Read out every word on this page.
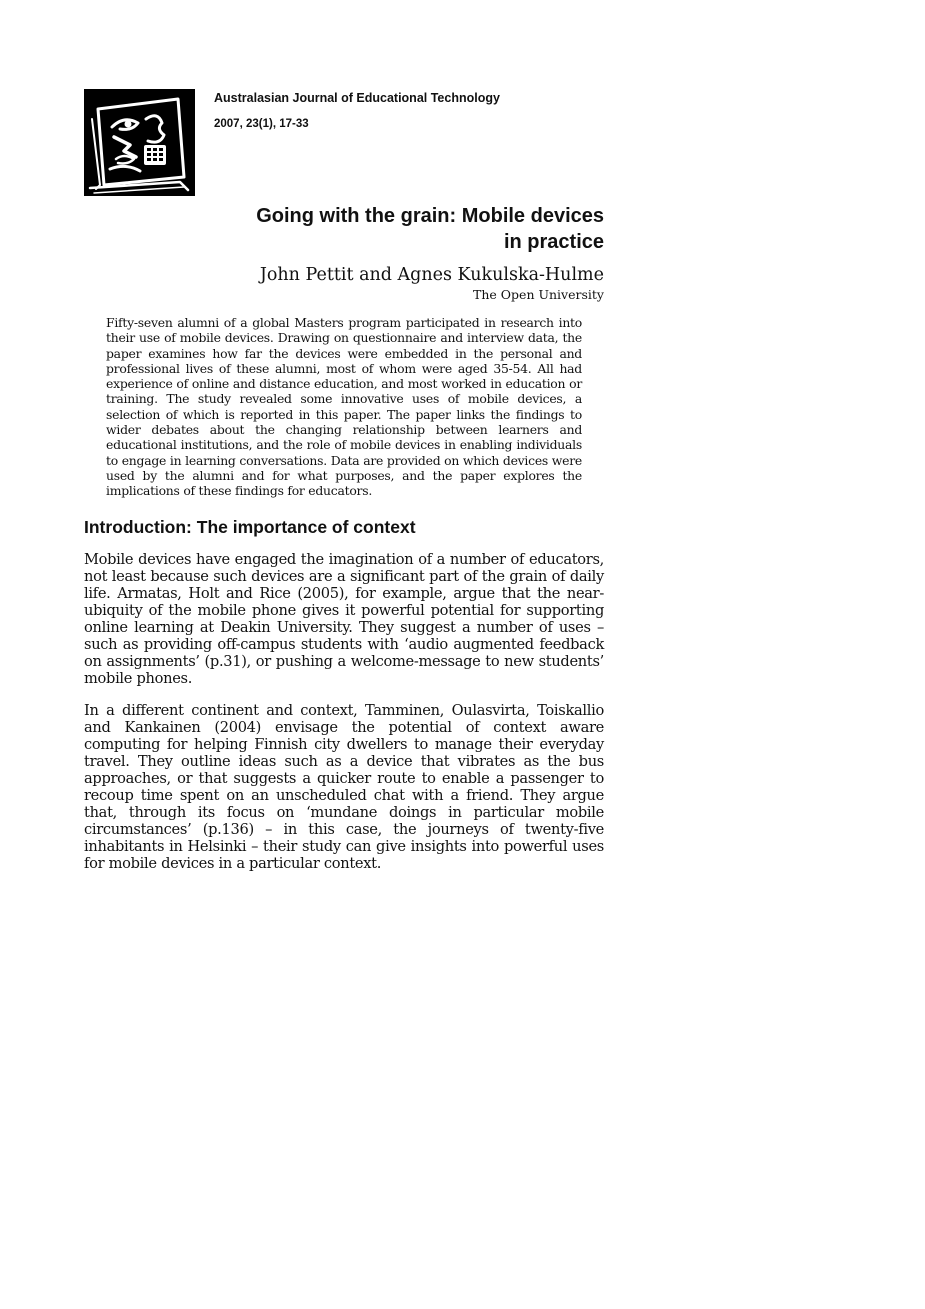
Australasian Journal of Educational Technology
2007, 23(1), 17-33
Going with the grain: Mobile devices in practice
John Pettit and Agnes Kukulska-Hulme
The Open University

Fifty-seven alumni of a global Masters program participated in research into their use of mobile devices. Drawing on questionnaire and interview data, the paper examines how far the devices were embedded in the personal and professional lives of these alumni, most of whom were aged 35-54. All had experience of online and distance education, and most worked in education or training. The study revealed some innovative uses of mobile devices, a selection of which is reported in this paper. The paper links the findings to wider debates about the changing relationship between learners and educational institutions, and the role of mobile devices in enabling individuals to engage in learning conversations. Data are provided on which devices were used by the alumni and for what purposes, and the paper explores the implications of these findings for educators.

Introduction: The importance of context

Mobile devices have engaged the imagination of a number of educators, not least because such devices are a significant part of the grain of daily life. Armatas, Holt and Rice (2005), for example, argue that the near-ubiquity of the mobile phone gives it powerful potential for supporting online learning at Deakin University. They suggest a number of uses – such as providing off-campus students with ‘audio augmented feedback on assignments’ (p.31), or pushing a welcome-message to new students’ mobile phones.

In a different continent and context, Tamminen, Oulasvirta, Toiskallio and Kankainen (2004) envisage the potential of context aware computing for helping Finnish city dwellers to manage their everyday travel. They outline ideas such as a device that vibrates as the bus approaches, or that suggests a quicker route to enable a passenger to recoup time spent on an unscheduled chat with a friend. They argue that, through its focus on ‘mundane doings in particular mobile circumstances’ (p.136) – in this case, the journeys of twenty-five inhabitants in Helsinki – their study can give insights into powerful uses for mobile devices in a particular context.
